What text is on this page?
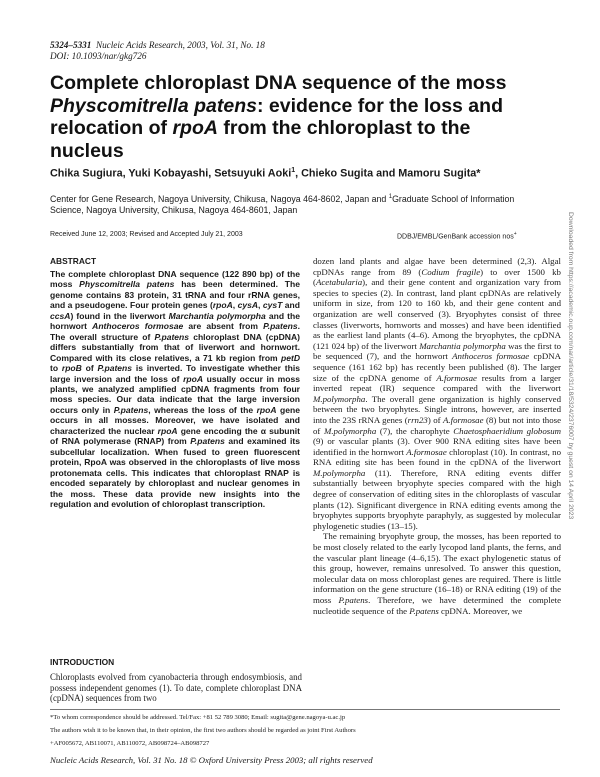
5324–5331 Nucleic Acids Research, 2003, Vol. 31, No. 18
DOI: 10.1093/nar/gkg726
Complete chloroplast DNA sequence of the moss
Physcomitrella patens: evidence for the loss and
relocation of rpoA from the chloroplast to the
nucleus
Chika Sugiura, Yuki Kobayashi, Setsuyuki Aoki$^1$, Chieko Sugita and Mamoru Sugita*
Center for Gene Research, Nagoya University, Chikusa, Nagoya 464-8602, Japan and $^1$Graduate School of Information Science, Nagoya University, Chikusa, Nagoya 464-8601, Japan
Received June 12, 2003; Revised and Accepted July 21, 2003	DDBJ/EMBL/GenBank accession nos+
ABSTRACT
The complete chloroplast DNA sequence (122 890 bp) of the moss Physcomitrella patens has been determined. The genome contains 83 protein, 31 tRNA and four rRNA genes, and a pseudogene. Four protein genes (rpoA, cysA, cysT and ccsA) found in the liverwort Marchantia polymorpha and the hornwort Anthoceros formosae are absent from P.patens. The overall structure of P.patens chloroplast DNA (cpDNA) differs substantially from that of liverwort and hornwort. Compared with its close relatives, a 71 kb region from petD to rpoB of P.patens is inverted. To investigate whether this large inversion and the loss of rpoA usually occur in moss plants, we analyzed amplified cpDNA fragments from four moss species. Our data indicate that the large inversion occurs only in P.patens, whereas the loss of the rpoA gene occurs in all mosses. Moreover, we have isolated and characterized the nuclear rpoA gene encoding the α subunit of RNA polymerase (RNAP) from P.patens and examined its subcellular localization. When fused to green fluorescent protein, RpoA was observed in the chloroplasts of live moss protonemata cells. This indicates that chloroplast RNAP is encoded separately by chloroplast and nuclear genomes in the moss. These data provide new insights into the regulation and evolution of chloroplast transcription.
INTRODUCTION
Chloroplasts evolved from cyanobacteria through endosymbiosis, and possess independent genomes (1). To date, complete chloroplast DNA (cpDNA) sequences from two
dozen land plants and algae have been determined (2,3). Algal cpDNAs range from 89 (Codium fragile) to over 1500 kb (Acetabularia), and their gene content and organization vary from species to species (2). In contrast, land plant cpDNAs are relatively uniform in size, from 120 to 160 kb, and their gene content and organization are well conserved (3). Bryophytes consist of three classes (liverworts, hornworts and mosses) and have been identified as the earliest land plants (4–6). Among the bryophytes, the cpDNA (121 024 bp) of the liverwort Marchantia polymorpha was the first to be sequenced (7), and the hornwort Anthoceros formosae cpDNA sequence (161 162 bp) has recently been published (8). The larger size of the cpDNA genome of A.formosae results from a larger inverted repeat (IR) sequence compared with the liverwort M.polymorpha. The overall gene organization is highly conserved between the two bryophytes. Single introns, however, are inserted into the 23S rRNA genes (rrn23) of A.formosae (8) but not into those of M.polymorpha (7), the charophyte Chaetosphaeridium globosum (9) or vascular plants (3). Over 900 RNA editing sites have been identified in the hornwort A.formosae chloroplast (10). In contrast, no RNA editing site has been found in the cpDNA of the liverwort M.polymorpha (11). Therefore, RNA editing events differ substantially between bryophyte species compared with the high degree of conservation of editing sites in the chloroplasts of vascular plants (12). Significant divergence in RNA editing events among the bryophytes supports bryophyte paraphyly, as suggested by molecular phylogenetic studies (13–15).
The remaining bryophyte group, the mosses, has been reported to be most closely related to the early lycopod land plants, the ferns, and the vascular plant lineage (4–6,15). The exact phylogenetic status of this group, however, remains unresolved. To answer this question, molecular data on moss chloroplast genes are required. There is little information on the gene structure (16–18) or RNA editing (19) of the moss P.patens. Therefore, we have determined the complete nucleotide sequence of the P.patens cpDNA. Moreover, we
*To whom correspondence should be addressed. Tel/Fax: +81 52 789 3080; Email: sugita@gene.nagoya-u.ac.jp
The authors wish it to be known that, in their opinion, the first two authors should be regarded as joint First Authors
+AF005672, AB110071, AB110072, AB098724–AB098727
Nucleic Acids Research, Vol. 31 No. 18 © Oxford University Press 2003; all rights reserved
Downloaded from https://academic.oup.com/nar/article/31/18/5324/2376007 by guest on 14 April 2023
